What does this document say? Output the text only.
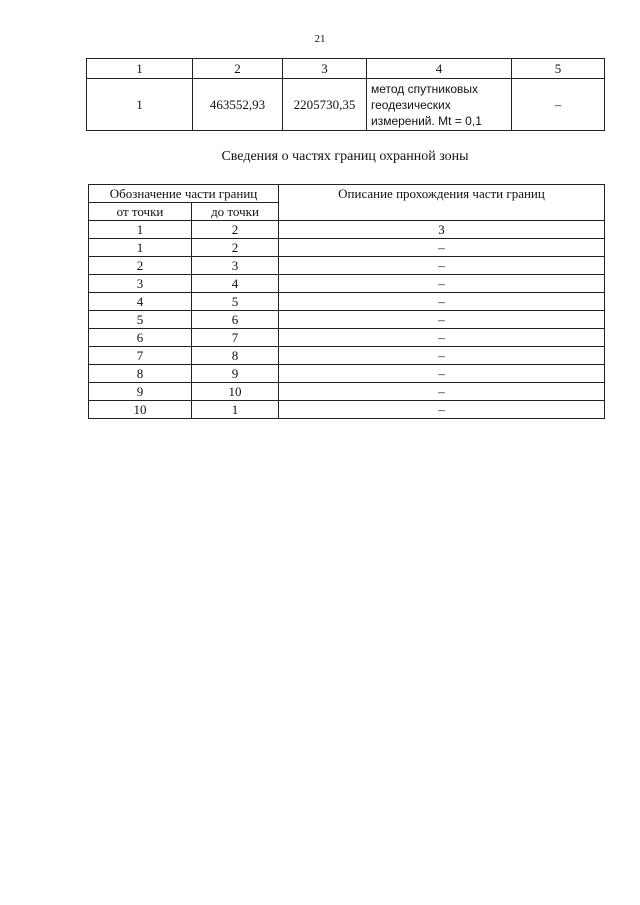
21
1	2	3	4	5
1	463552,93	2205730,35	метод спутниковых
геодезических
измерений. Mt = 0,1	–
Сведения о частях границ охранной зоны
Обозначение части границ		Описание прохождения части границ
от точки	до точки	
1	2	3
1	2	–
2	3	–
3	4	–
4	5	–
5	6	–
6	7	–
7	8	–
8	9	–
9	10	–
10	1	–
